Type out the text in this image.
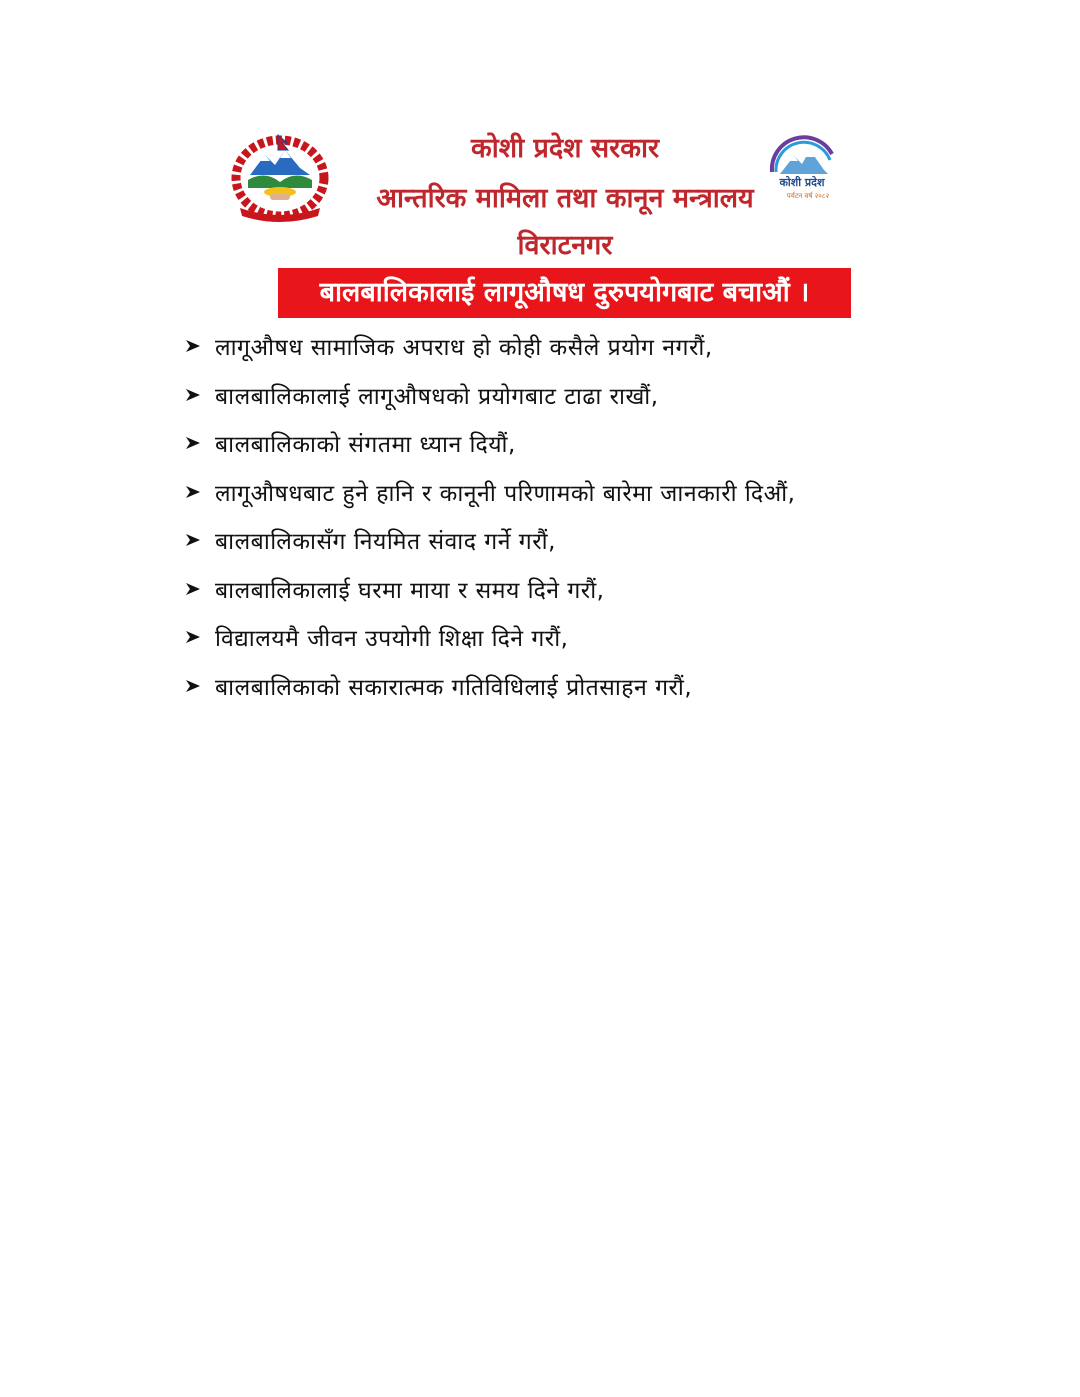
कोशी प्रदेश सरकार
आन्तरिक मामिला तथा कानून मन्त्रालय
विराटनगर
कोशी प्रदेश
पर्यटन वर्ष २०८२
बालबालिकालाई लागूऔषध दुरुपयोगबाट बचाऔं ।
लागूऔषध सामाजिक अपराध हो कोही कसैले प्रयोग नगरौं,
बालबालिकालाई लागूऔषधको प्रयोगबाट टाढा राखौं,
बालबालिकाको संगतमा ध्यान दियौं,
लागूऔषधबाट हुने हानि र कानूनी परिणामको बारेमा जानकारी दिऔं,
बालबालिकासँग नियमित संवाद गर्ने गरौं,
बालबालिकालाई घरमा माया र समय दिने गरौं,
विद्यालयमै जीवन उपयोगी शिक्षा दिने गरौं,
बालबालिकाको सकारात्मक गतिविधिलाई प्रोतसाहन गरौं,
